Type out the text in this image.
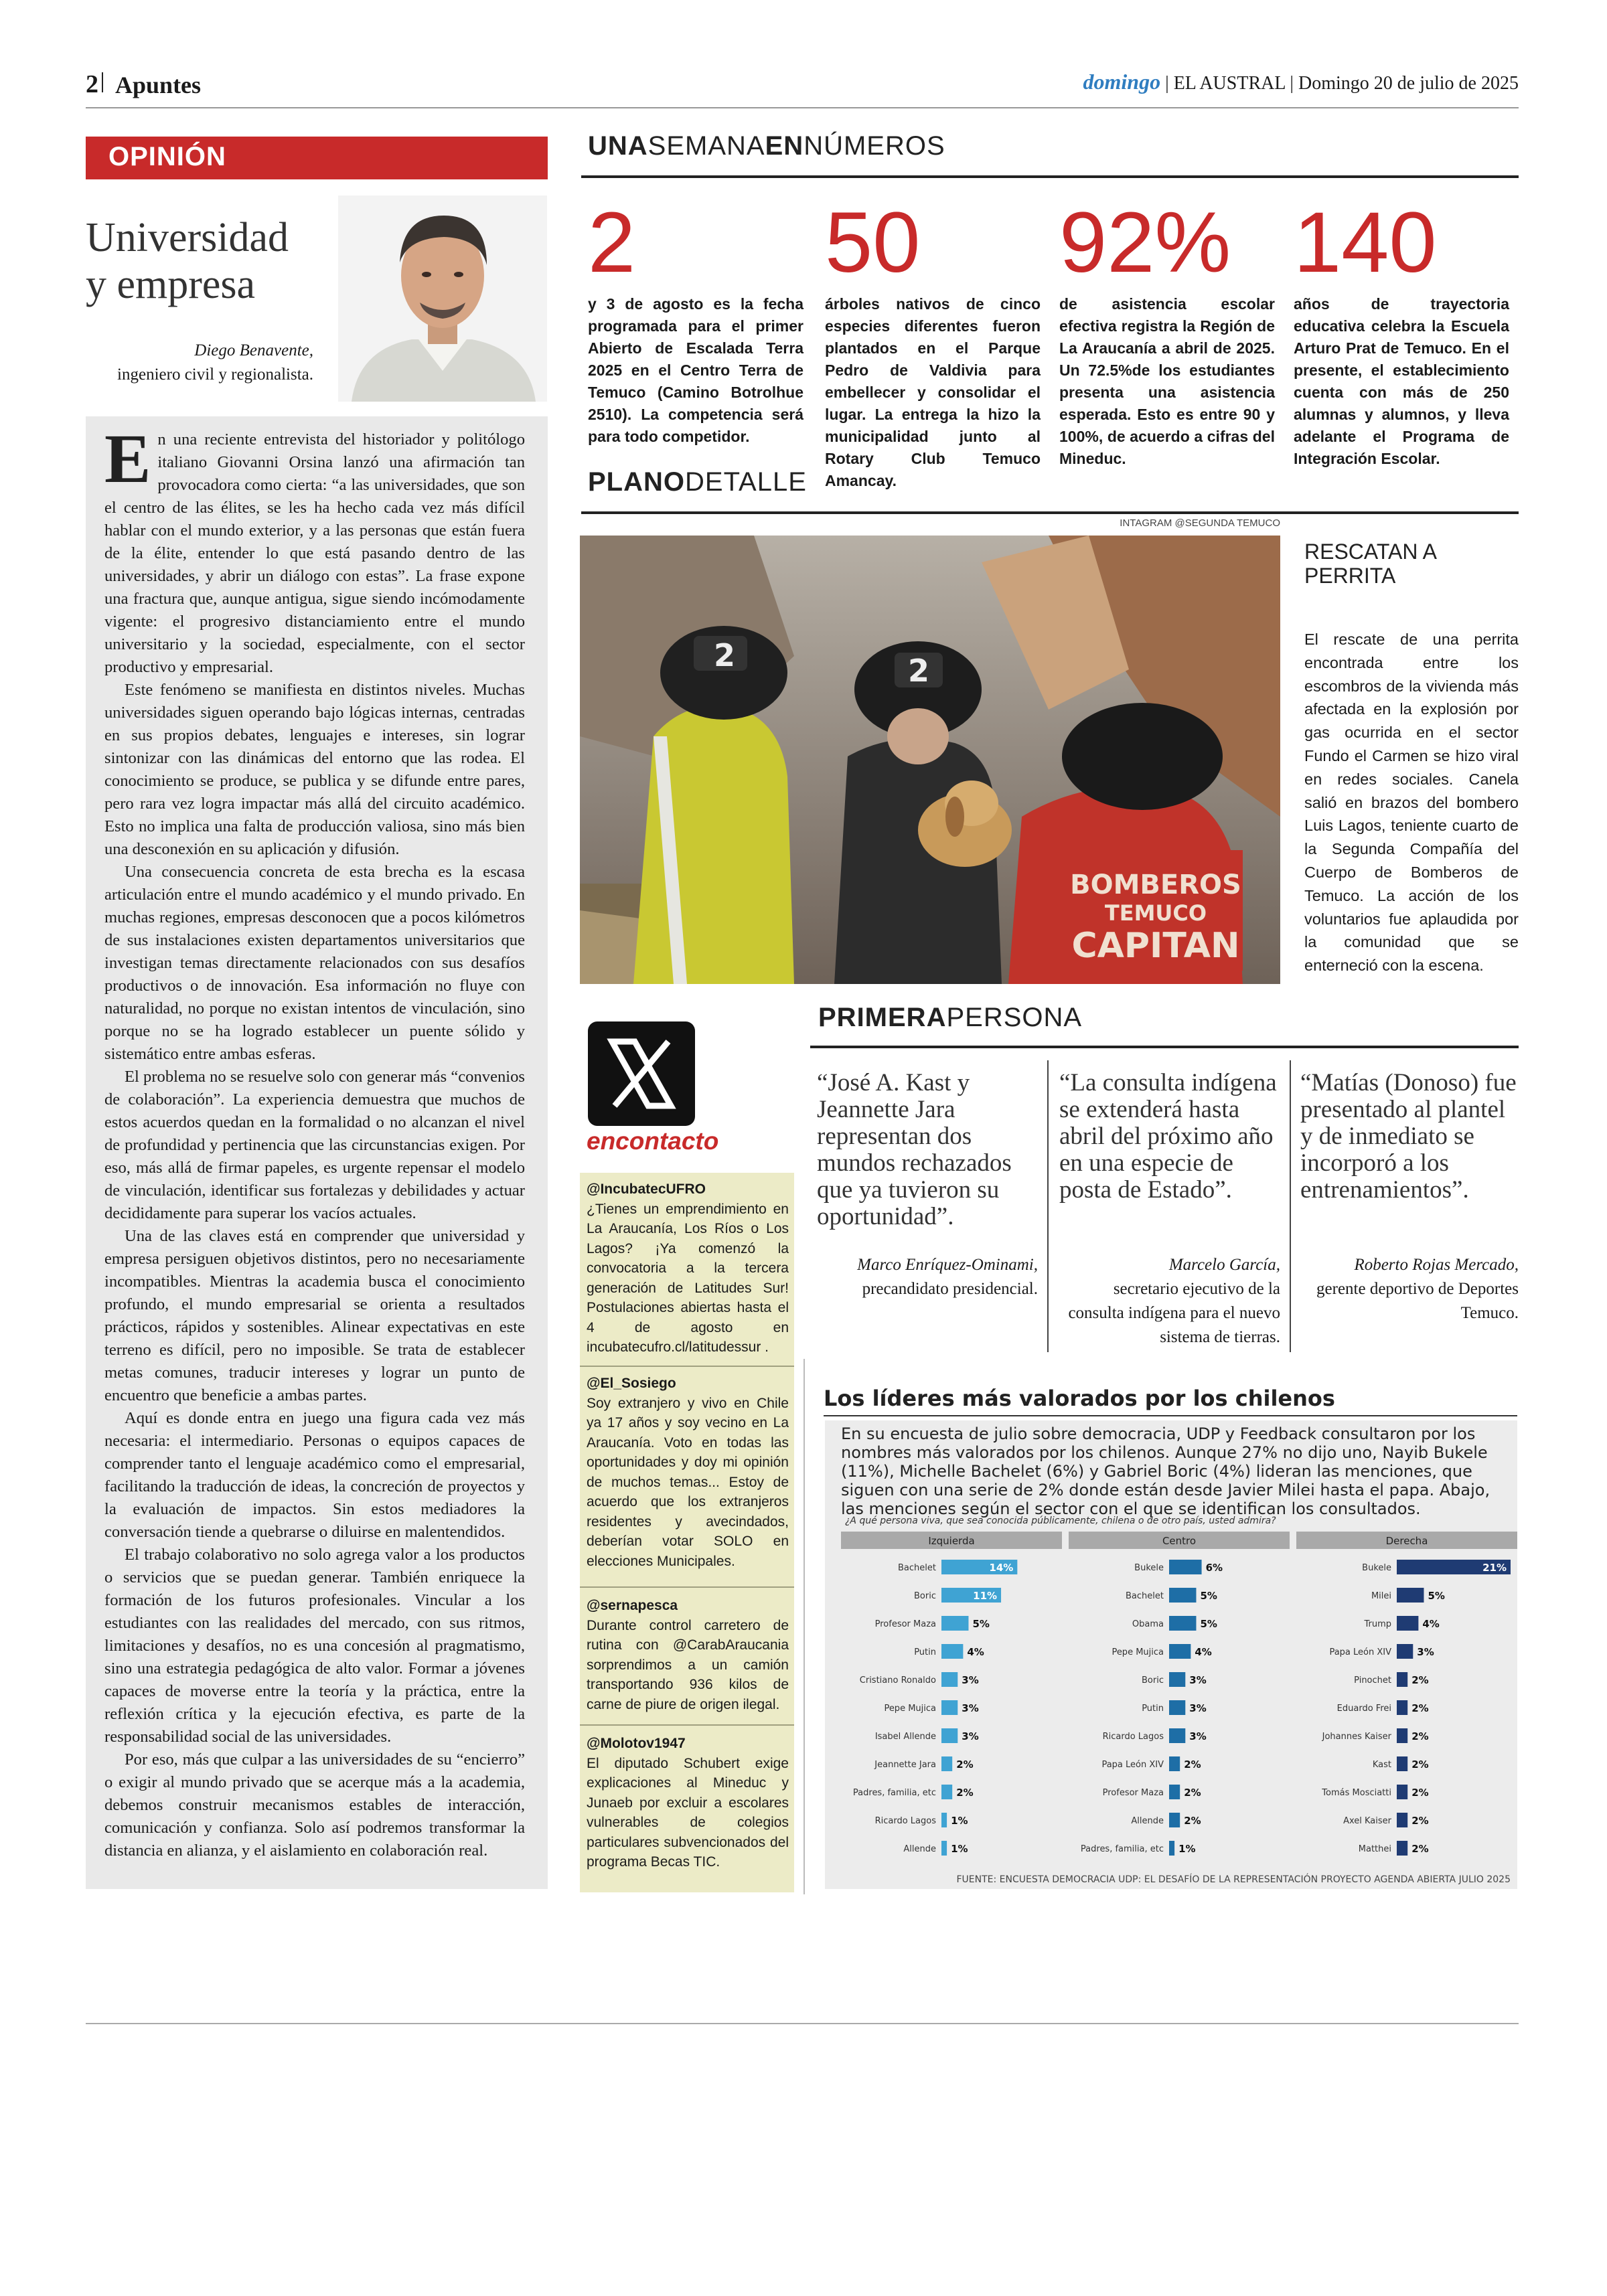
2 Apuntes	domingo | EL AUSTRAL | Domingo 20 de julio de 2025
OPINIÓN
Universidad
y empresa
Diego Benavente,
ingeniero civil y regionalista.

En una reciente entrevista del historiador y politólogo italiano Giovanni Orsina lanzó una afirmación tan provocadora como cierta: “a las universidades, que son el centro de las élites, se les ha hecho cada vez más difícil hablar con el mundo exterior, y a las personas que están fuera de la élite, entender lo que está pasando dentro de las universidades, y abrir un diálogo con estas”. La frase expone una fractura que, aunque antigua, sigue siendo incómodamente vigente: el progresivo distanciamiento entre el mundo universitario y la sociedad, especialmente, con el sector productivo y empresarial.

Este fenómeno se manifiesta en distintos niveles. Muchas universidades siguen operando bajo lógicas internas, centradas en sus propios debates, lenguajes e intereses, sin lograr sintonizar con las dinámicas del entorno que las rodea. El conocimiento se produce, se publica y se difunde entre pares, pero rara vez logra impactar más allá del circuito académico. Esto no implica una falta de producción valiosa, sino más bien una desconexión en su aplicación y difusión.

Una consecuencia concreta de esta brecha es la escasa articulación entre el mundo académico y el mundo privado. En muchas regiones, empresas desconocen que a pocos kilómetros de sus instalaciones existen departamentos universitarios que investigan temas directamente relacionados con sus desafíos productivos o de innovación. Esa información no fluye con naturalidad, no porque no existan intentos de vinculación, sino porque no se ha logrado establecer un puente sólido y sistemático entre ambas esferas.

El problema no se resuelve solo con generar más “convenios de colaboración”. La experiencia demuestra que muchos de estos acuerdos quedan en la formalidad o no alcanzan el nivel de profundidad y pertinencia que las circunstancias exigen. Por eso, más allá de firmar papeles, es urgente repensar el modelo de vinculación, identificar sus fortalezas y debilidades y actuar decididamente para superar los vacíos actuales.

Una de las claves está en comprender que universidad y empresa persiguen objetivos distintos, pero no necesariamente incompatibles. Mientras la academia busca el conocimiento profundo, el mundo empresarial se orienta a resultados prácticos, rápidos y sostenibles. Alinear expectativas en este terreno es difícil, pero no imposible. Se trata de establecer metas comunes, traducir intereses y lograr un punto de encuentro que beneficie a ambas partes.

Aquí es donde entra en juego una figura cada vez más necesaria: el intermediario. Personas o equipos capaces de comprender tanto el lenguaje académico como el empresarial, facilitando la traducción de ideas, la concreción de proyectos y la evaluación de impactos. Sin estos mediadores la conversación tiende a quebrarse o diluirse en malentendidos.

El trabajo colaborativo no solo agrega valor a los productos o servicios que se puedan generar. También enriquece la formación de los futuros profesionales. Vincular a los estudiantes con las realidades del mercado, con sus ritmos, limitaciones y desafíos, no es una concesión al pragmatismo, sino una estrategia pedagógica de alto valor. Formar a jóvenes capaces de moverse entre la teoría y la práctica, entre la reflexión crítica y la ejecución efectiva, es parte de la responsabilidad social de las universidades.

Por eso, más que culpar a las universidades de su “encierro” o exigir al mundo privado que se acerque más a la academia, debemos construir mecanismos estables de interacción, comunicación y confianza. Solo así podremos transformar la distancia en alianza, y el aislamiento en colaboración real.

UNASEMANAENNÚMEROS
2
y 3 de agosto es la fecha programada para el primer Abierto de Escalada Terra 2025 en el Centro Terra de Temuco (Camino Botrolhue 2510). La competencia será para todo competidor.
50
árboles nativos de cinco especies diferentes fueron plantados en el Parque Pedro de Valdivia para embellecer y consolidar el lugar. La entrega la hizo la municipalidad junto al Rotary Club Temuco Amancay.
92%
de asistencia escolar efectiva registra la Región de La Araucanía a abril de 2025. Un 72.5%de los estudiantes presenta una asistencia esperada. Esto es entre 90 y 100%, de acuerdo a cifras del Mineduc.
140
años de trayectoria educativa celebra la Escuela Arturo Prat de Temuco. En el presente, el establecimiento cuenta con más de 250 alumnas y alumnos, y lleva adelante el Programa de Integración Escolar.
PLANODETALLE
INTAGRAM @SEGUNDA TEMUCO
2	2
BOMBEROS
TEMUCO
CAPITAN
RESCATAN A PERRITA
El rescate de una perrita encontrada entre los escombros de la vivienda más afectada en la explosión por gas ocurrida en el sector Fundo el Carmen se hizo viral en redes sociales. Canela salió en brazos del bombero Luis Lagos, teniente cuarto de la Segunda Compañía del Cuerpo de Bomberos de Temuco. La acción de los voluntarios fue aplaudida por la comunidad que se enterneció con la escena.
encontacto
@IncubatecUFRO
¿Tienes un emprendimiento en La Araucanía, Los Ríos o Los Lagos? ¡Ya comenzó la convocatoria a la tercera generación de Latitudes Sur! Postulaciones abiertas hasta el 4 de agosto en incubatecufro.cl/latitudessur .
@El_Sosiego
Soy extranjero y vivo en Chile ya 17 años y soy vecino en La Araucanía. Voto en todas las oportunidades y doy mi opinión de muchos temas... Estoy de acuerdo que los extranjeros residentes y avecindados, deberían votar SOLO en elecciones Municipales.
@sernapesca
Durante control carretero de rutina con @CarabAraucania sorprendimos a un camión transportando 936 kilos de carne de piure de origen ilegal.
@Molotov1947
El diputado Schubert exige explicaciones al Mineduc y Junaeb por excluir a escolares vulnerables de colegios particulares subvencionados del programa Becas TIC.
PRIMERAPERSONA
“José A. Kast y Jeannette Jara representan dos mundos rechazados que ya tuvieron su oportunidad”.
Marco Enríquez-Ominami,
precandidato presidencial.
“La consulta indígena se extenderá hasta abril del próximo año en una especie de posta de Estado”.
Marcelo García,
secretario ejecutivo de la consulta indígena para el nuevo sistema de tierras.
“Matías (Donoso) fue presentado al plantel y de inmediato se incorporó a los entrenamientos”.
Roberto Rojas Mercado,
gerente deportivo de Deportes Temuco.
Los líderes más valorados por los chilenos
En su encuesta de julio sobre democracia, UDP y Feedback consultaron por los nombres más valorados por los chilenos. Aunque 27% no dijo uno, Nayib Bukele (11%), Michelle Bachelet (6%) y Gabriel Boric (4%) lideran las menciones, que siguen con una serie de 2% donde están desde Javier Milei hasta el papa. Abajo, las menciones según el sector con el que se identifican los consultados.
¿A qué persona viva, que sea conocida públicamente, chilena o de otro país, usted admira?
Izquierda
Bachelet	14%
Boric	11%
Profesor Maza	5%
Putin	4%
Cristiano Ronaldo	3%
Pepe Mujica	3%
Isabel Allende	3%
Jeannette Jara 2%
Padres, familia, etc 2%
Ricardo Lagos 1%
Allende 1%
Centro
Bukele	6%
Bachelet	5%
Obama	5%
Pepe Mujica	4%
Boric	3%
Putin	3%
Ricardo Lagos	3%
Papa León XIV 2%
Profesor Maza 2%
Allende 2%
Padres, familia, etc 1%
Derecha
Bukele	21%
Milei	5%
Trump	4%
Papa León XIV	3%
Pinochet 2%
Eduardo Frei 2%
Johannes Kaiser 2%
Kast 2%
Tomás Mosciatti 2%
Axel Kaiser 2%
Matthei 2%
FUENTE: ENCUESTA DEMOCRACIA UDP: EL DESAFÍO DE LA REPRESENTACIÓN PROYECTO AGENDA ABIERTA JULIO 2025
